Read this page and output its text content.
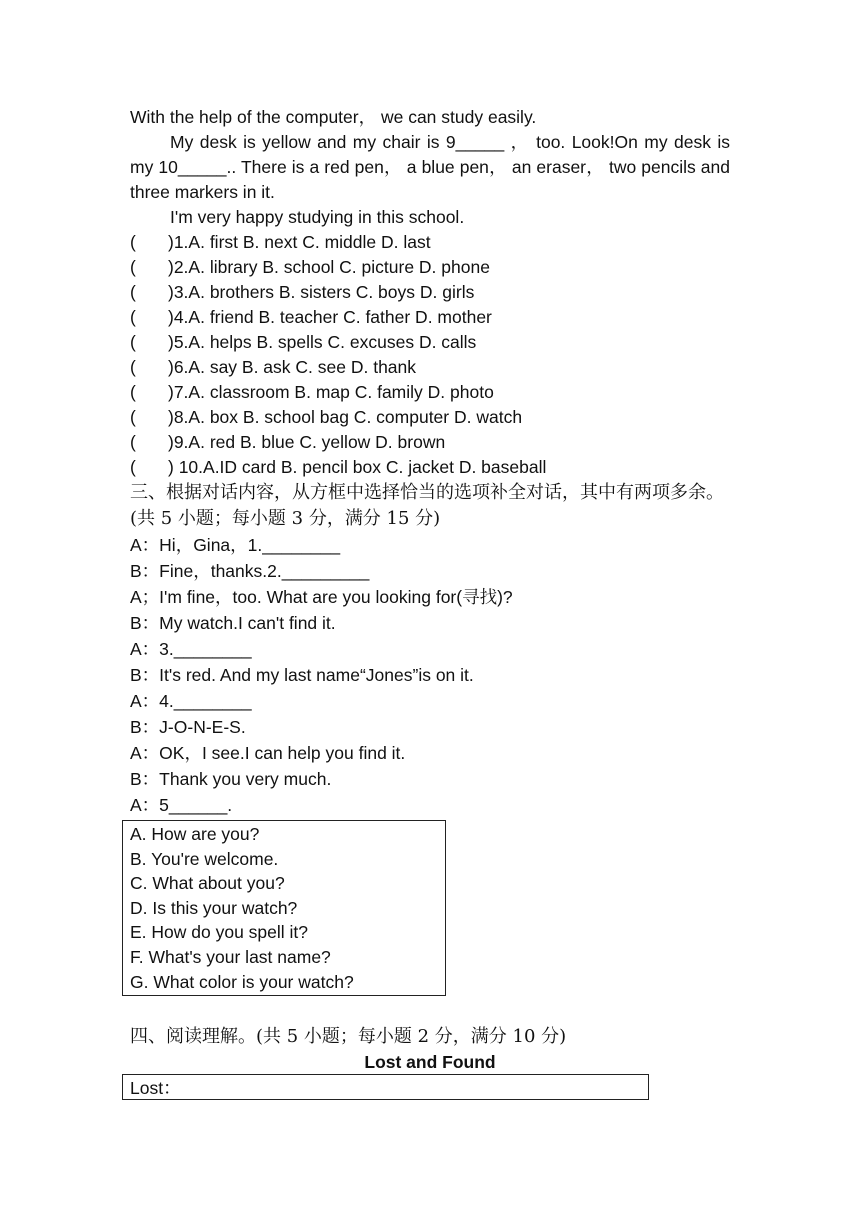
With the help of the computer， we can study easily.
My desk is yellow and my chair is 9_____ ， too. Look!On my desk is my 10_____.. There is a red pen， a blue pen， an eraser， two pencils and three markers in it.
I'm very happy studying in this school.
( )1.A. first B. next C. middle D. last
( )2.A. library B. school C. picture D. phone
( )3.A. brothers B. sisters C. boys D. girls
( )4.A. friend B. teacher C. father D. mother
( )5.A. helps B. spells C. excuses D. calls
( )6.A. say B. ask C. see D. thank
( )7.A. classroom B. map C. family D. photo
( )8.A. box B. school bag C. computer D. watch
( )9.A. red B. blue C. yellow D. brown
( ) 10.A.ID card B. pencil box C. jacket D. baseball
三、根据对话内容，从方框中选择恰当的选项补全对话，其中有两项多余。(共 5 小题；每小题 3 分，满分 15 分)
A：Hi，Gina，1.________
B：Fine，thanks.2._________
A；I'm fine，too. What are you looking for(寻找)?
B：My watch.I can't find it.
A：3.________
B：It's red. And my last name“Jones”is on it.
A：4.________
B：J-O-N-E-S.
A：OK，I see.I can help you find it.
B：Thank you very much.
A：5______.
A. How are you?
B. You're welcome.
C. What about you?
D. Is this your watch?
E. How do you spell it?
F. What's your last name?
G. What color is your watch?
四、阅读理解。(共 5 小题；每小题 2 分，满分 10 分)
Lost and Found
Lost：
